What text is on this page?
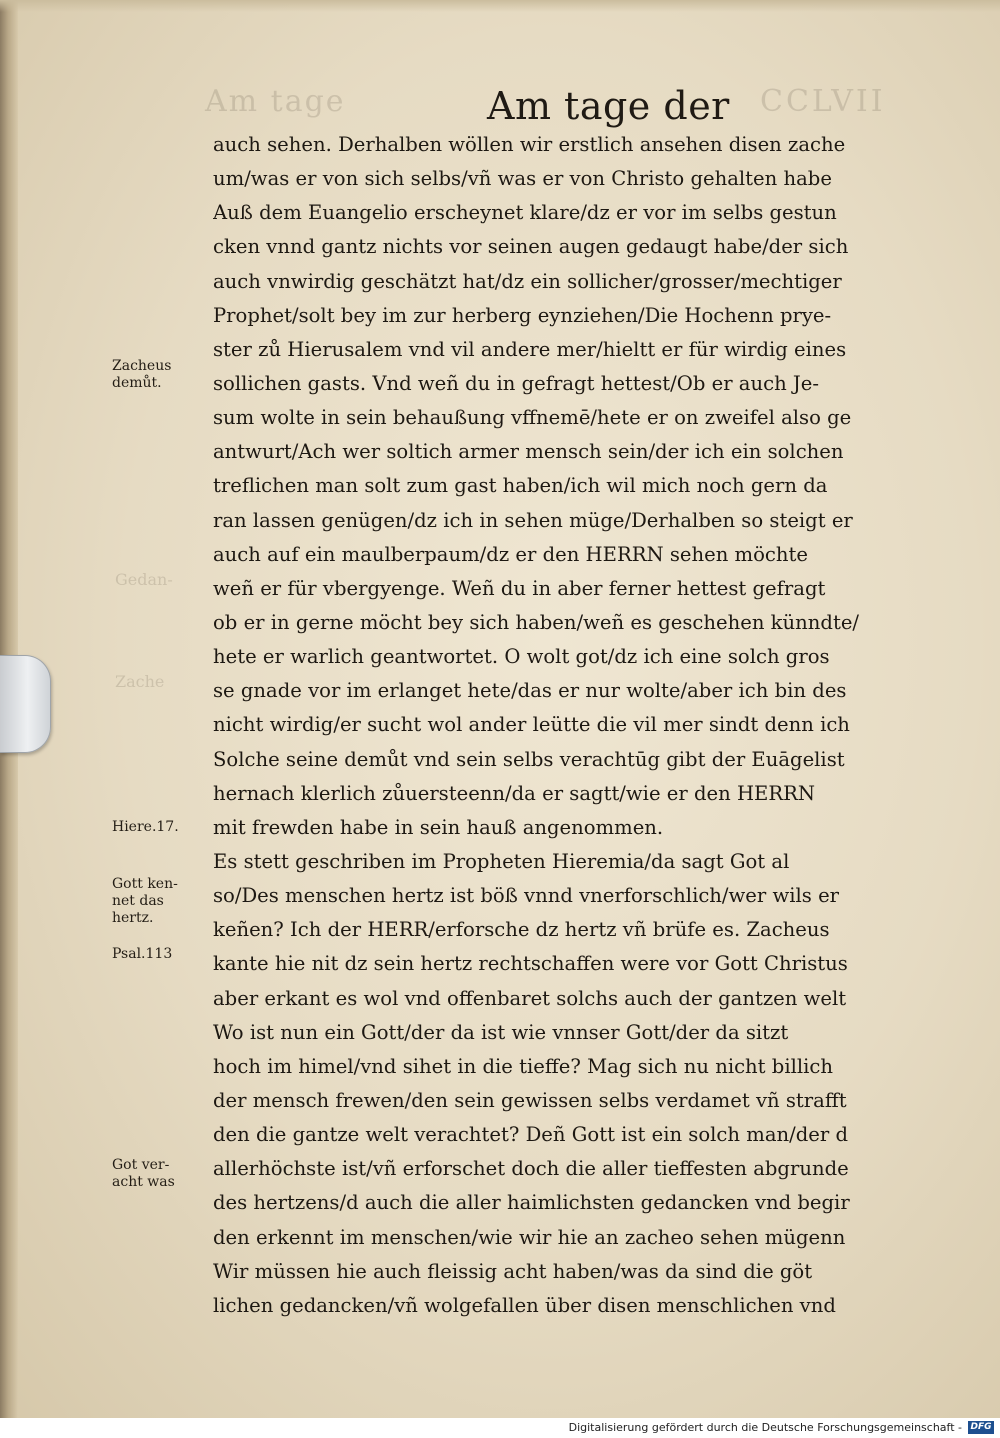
Am tage	CCLVII
Gedan-
Zache
Am tage der
auch sehen. Derhalben wöllen wir erstlich ansehen disen zache
um/was er von sich selbs/vñ was er von Christo gehalten habe
Auß dem Euangelio erscheynet klare/dz er vor im selbs gestun
cken vnnd gantz nichts vor seinen augen gedaugt habe/der sich
auch vnwirdig geschätzt hat/dz ein sollicher/grosser/mechtiger
Prophet/solt bey im zur herberg eynziehen/Die Hochenn prye-
ster zů Hierusalem vnd vil andere mer/hieltt er für wirdig eines
sollichen gasts. Vnd weñ du in gefragt hettest/Ob er auch Je-
sum wolte in sein behaußung vffnemē/hete er on zweifel also ge
antwurt/Ach wer soltich armer mensch sein/der ich ein solchen
treflichen man solt zum gast haben/ich wil mich noch gern da
ran lassen genügen/dz ich in sehen müge/Derhalben so steigt er
auch auf ein maulberpaum/dz er den HERRN sehen möchte
weñ er für vbergyenge. Weñ du in aber ferner hettest gefragt
ob er in gerne möcht bey sich haben/weñ es geschehen künndte/
hete er warlich geantwortet. O wolt got/dz ich eine solch gros
se gnade vor im erlanget hete/das er nur wolte/aber ich bin des
nicht wirdig/er sucht wol ander leütte die vil mer sindt denn ich
Solche seine demůt vnd sein selbs verachtūg gibt der Euāgelist
hernach klerlich zůuersteenn/da er sagtt/wie er den HERRN
mit frewden habe in sein hauß angenommen.
Es stett geschriben im Propheten Hieremia/da sagt Got al
so/Des menschen hertz ist böß vnnd vnerforschlich/wer wils er
keñen? Ich der HERR/erforsche dz hertz vñ brüfe es. Zacheus
kante hie nit dz sein hertz rechtschaffen were vor Gott Christus
aber erkant es wol vnd offenbaret solchs auch der gantzen welt
Wo ist nun ein Gott/der da ist wie vnnser Gott/der da sitzt
hoch im himel/vnd sihet in die tieffe? Mag sich nu nicht billich
der mensch frewen/den sein gewissen selbs verdamet vñ strafft
den die gantze welt verachtet? Deñ Gott ist ein solch man/der d
allerhöchste ist/vñ erforschet doch die aller tieffesten abgrunde
des hertzens/d auch die aller haimlichsten gedancken vnd begir
den erkennt im menschen/wie wir hie an zacheo sehen mügenn
Wir müssen hie auch fleissig acht haben/was da sind die göt
lichen gedancken/vñ wolgefallen über disen menschlichen vnd
Zacheus
demůt.
Hiere.17.
Gott ken-
net das
hertz.
Psal.113
Got ver-
acht was
Digitalisierung gefördert durch die Deutsche Forschungsgemeinschaft - DFG
